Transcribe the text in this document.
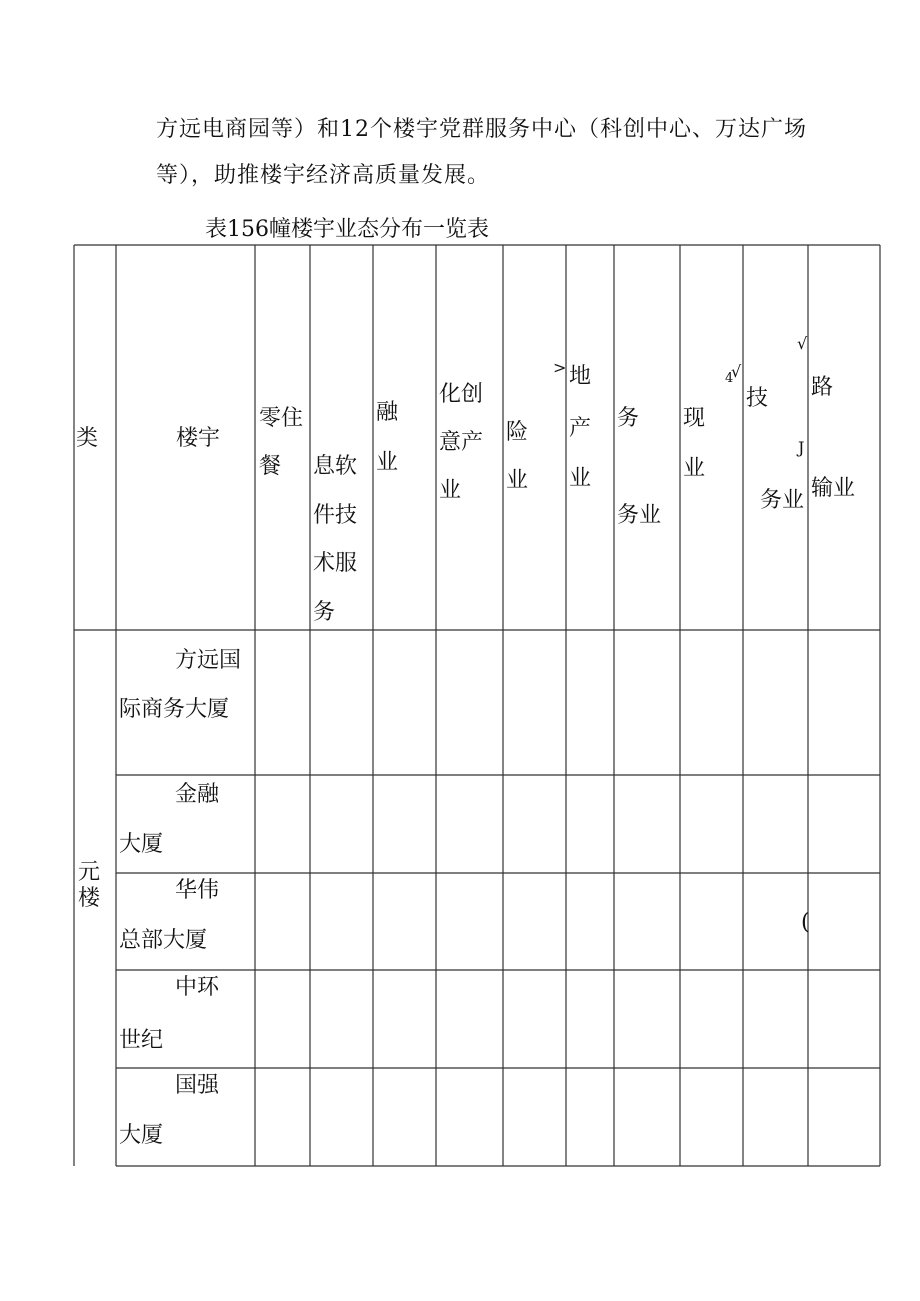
方远电商园等）和12个楼宇党群服务中心（科创中心、万达广场
等），助推楼宇经济高质量发展。
表156幢楼宇业态分布一览表
类	楼宇
零住
餐 息软
件技
术服
务
融
业
化创
意产
业
险
业
> 地
产
业
务
务业
4
√
现
业
技
J
务业
√
路
输业
元楼
方远国
际商务大厦
金融
大厦
华伟
总部大厦
中环
世纪
国强
大厦
(
